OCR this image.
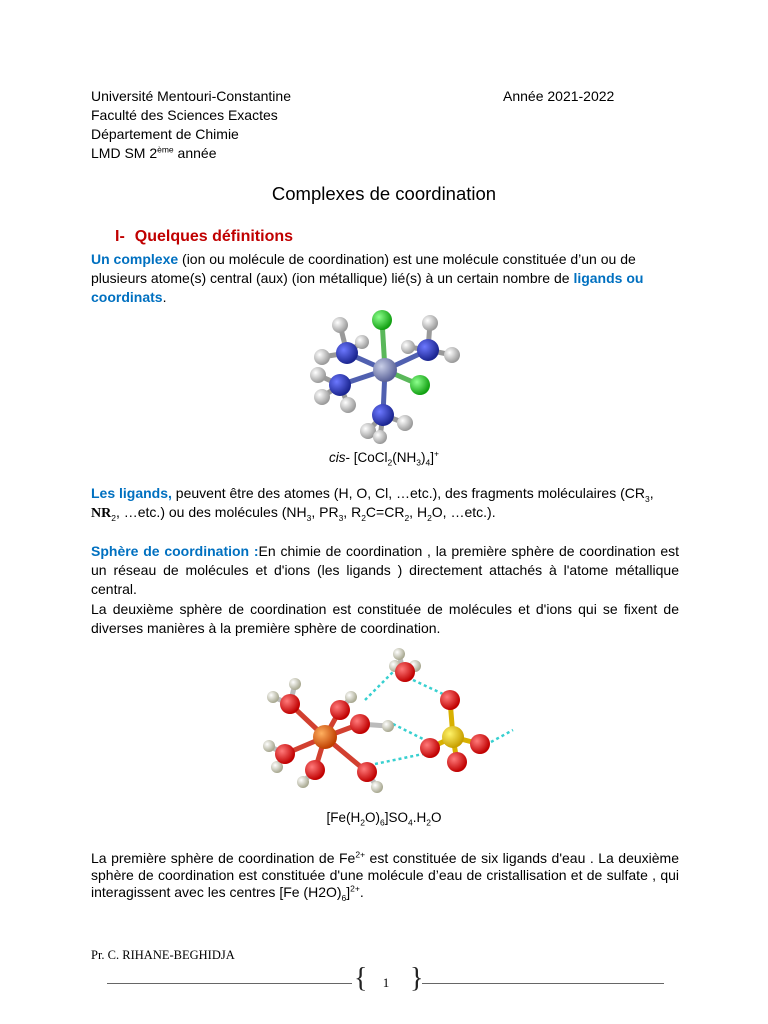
Université Mentouri-Constantine
Faculté des Sciences Exactes
Département de Chimie
LMD SM 2ème année
Année 2021-2022
Complexes de coordination
I- Quelques définitions
Un complexe (ion ou molécule de coordination) est une molécule constituée d’un ou de plusieurs atome(s) central (aux) (ion métallique) lié(s) à un certain nombre de ligands ou coordinats.
cis- $[CoCl_2(NH_3)_4]^+$
Les ligands, peuvent être des atomes (H, O, Cl, …etc.), des fragments moléculaires ($CR_3$, $NR_2$, …etc.) ou des molécules ($NH_3$, $PR_3$, $R_2C=CR_2$, $H_2O$, …etc.).
Sphère de coordination :En chimie de coordination , la première sphère de coordination est un réseau de molécules et d'ions (les ligands ) directement attachés à l'atome métallique central.
La deuxième sphère de coordination est constituée de molécules et d'ions qui se fixent de diverses manières à la première sphère de coordination.
$[Fe(H_2O)_6]SO_4.H_2O$
La première sphère de coordination de $Fe^{2+}$ est constituée de six ligands d'eau . La deuxième sphère de coordination est constituée d'une molécule d’eau de cristallisation et de sulfate , qui interagissent avec les centres [Fe $(H2O)_6]^{2+}$.
Pr. C. RIHANE-BEGHIDJA
{ }
1
